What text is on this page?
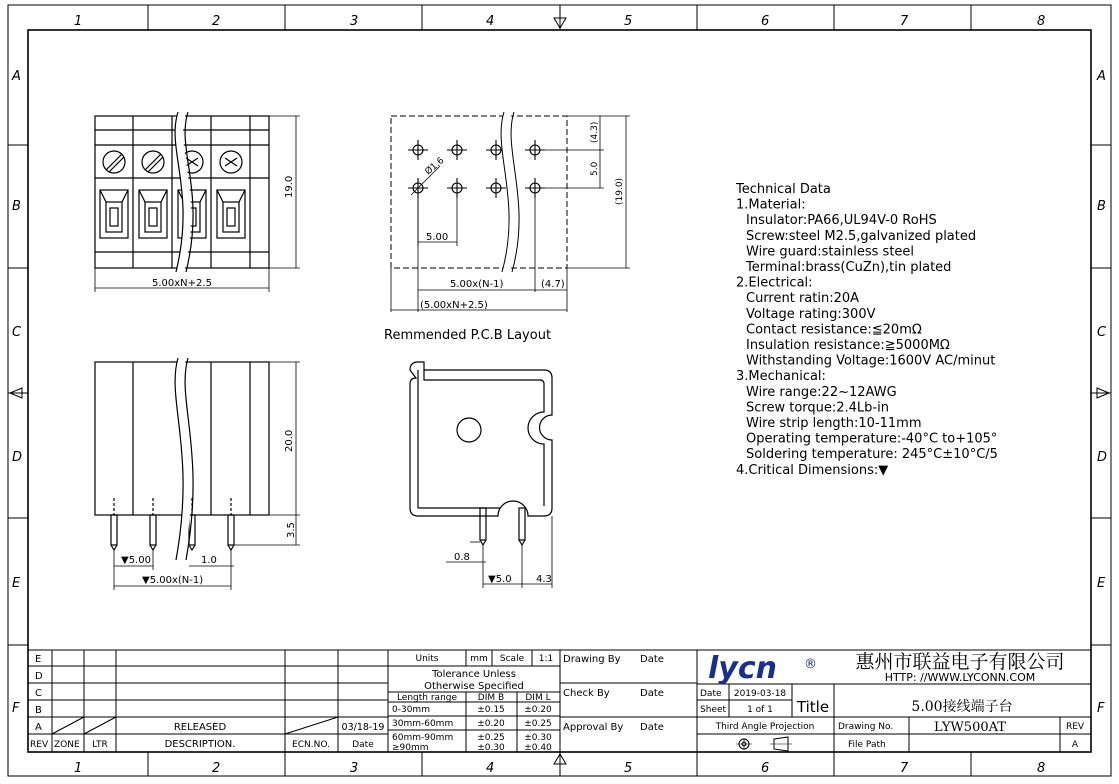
1	2	3	4	5	6	7	8
1	2	3	4	5	6	7	8
A
B
C
D
E
F
A
B
C
D
E
F
19.0
5.00xN+2.5
20.0
3.5
▼5.00	1.0
▼5.00x(N-1)
Ø1.6
(4.3)
5.0
(19.0)
5.00
5.00x(N-1)	(4.7)
(5.00xN+2.5)
Remmended P.C.B Layout
0.8
▼5.0 4.3
Technical Data
1.Material:
Insulator:PA66,UL94V-0 RoHS
Screw:steel M2.5,galvanized plated
Wire guard:stainless steel
Terminal:brass(CuZn),tin plated
2.Electrical:
Current ratin:20A
Voltage rating:300V
Contact resistance:≦20mΩ
Insulation resistance:≧5000MΩ
Withstanding Voltage:1600V AC/minut
3.Mechanical:
Wire range:22~12AWG
Screw torque:2.4Lb-in
Wire strip length:10-11mm
Operating temperature:-40°C to+105°
Soldering temperature: 245°C±10°C/5
4.Critical Dimensions:▼
E
D
C
B
A	RELEASED	03/18-19
REV ZONE LTR	DESCRIPTION.	ECN.NO. Date
Units	mm Scale 1:1
Tolerance Unless
Otherwise Specified
Length range DIM B DIM L
0-30mm	±0.15 ±0.20
30mm-60mm	±0.20 ±0.25
60mm-90mm	±0.25 ±0.30
≥90mm	±0.30 ±0.40
Drawing By Date
Check By	Date
Approval By Date
lycn ® 惠州市联益电子有限公司
HTTP: //WWW.LYCONN.COM
Date 2019-03-18
Sheet 1 of 1
Third Angle Projection	Drawing No.
File Path
REV
A
Title	5.00接线端子台
LYW500AT
